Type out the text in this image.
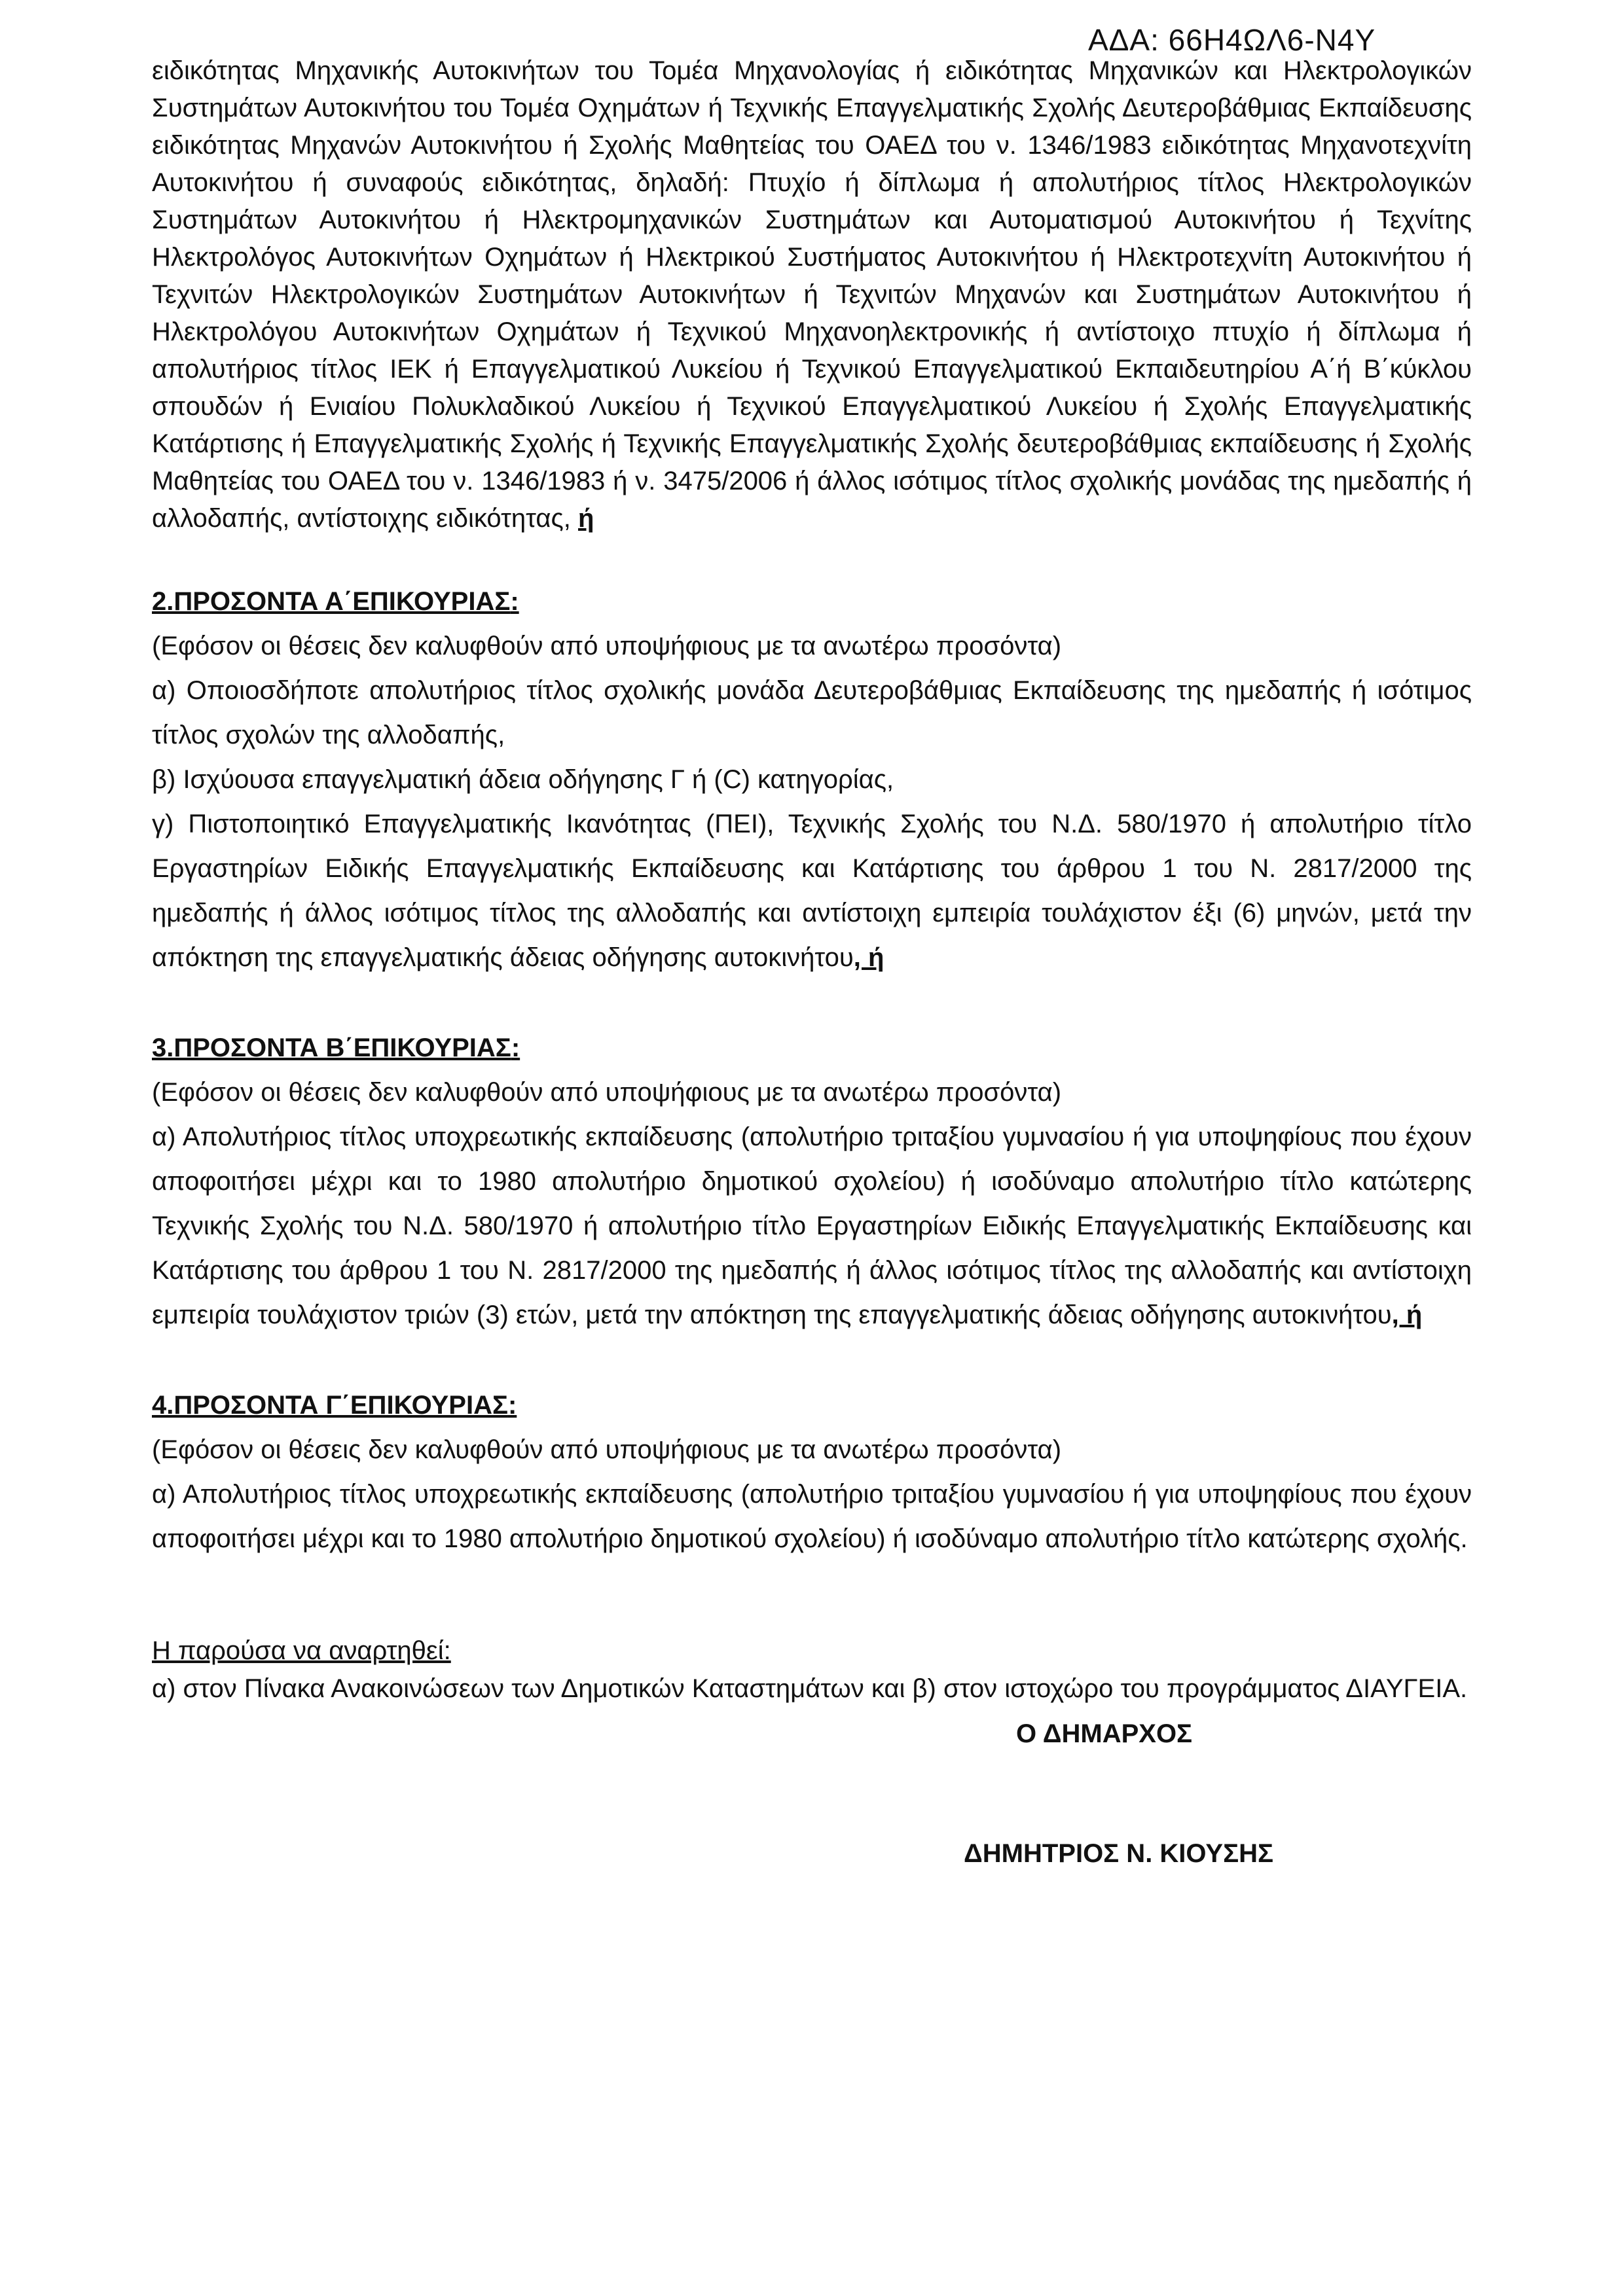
ΑΔΑ: 66Η4ΩΛ6-Ν4Υ

ειδικότητας Μηχανικής Αυτοκινήτων του Τομέα Μηχανολογίας ή ειδικότητας Μηχανικών και Ηλεκτρολογικών Συστημάτων Αυτοκινήτου του Τομέα Οχημάτων ή Τεχνικής Επαγγελματικής Σχολής Δευτεροβάθμιας Εκπαίδευσης ειδικότητας Μηχανών Αυτοκινήτου ή Σχολής Μαθητείας του ΟΑΕΔ του ν. 1346/1983 ειδικότητας Μηχανοτεχνίτη Αυτοκινήτου ή συναφούς ειδικότητας, δηλαδή: Πτυχίο ή δίπλωμα ή απολυτήριος τίτλος Ηλεκτρολογικών Συστημάτων Αυτοκινήτου ή Ηλεκτρομηχανικών Συστημάτων και Αυτοματισμού Αυτοκινήτου ή Τεχνίτης Ηλεκτρολόγος Αυτοκινήτων Οχημάτων ή Ηλεκτρικού Συστήματος Αυτοκινήτου ή Ηλεκτροτεχνίτη Αυτοκινήτου ή Τεχνιτών Ηλεκτρολογικών Συστημάτων Αυτοκινήτων ή Τεχνιτών Μηχανών και Συστημάτων Αυτοκινήτου ή Ηλεκτρολόγου Αυτοκινήτων Οχημάτων ή Τεχνικού Μηχανοηλεκτρονικής ή αντίστοιχο πτυχίο ή δίπλωμα ή απολυτήριος τίτλος ΙΕΚ ή Επαγγελματικού Λυκείου ή Τεχνικού Επαγγελματικού Εκπαιδευτηρίου Α΄ή Β΄κύκλου σπουδών ή Ενιαίου Πολυκλαδικού Λυκείου ή Τεχνικού Επαγγελματικού Λυκείου ή Σχολής Επαγγελματικής Κατάρτισης ή Επαγγελματικής Σχολής ή Τεχνικής Επαγγελματικής Σχολής δευτεροβάθμιας εκπαίδευσης ή Σχολής Μαθητείας του ΟΑΕΔ του ν. 1346/1983 ή ν. 3475/2006 ή άλλος ισότιμος τίτλος σχολικής μονάδας της ημεδαπής ή αλλοδαπής, αντίστοιχης ειδικότητας, ή

2.ΠΡΟΣΟΝΤΑ Α΄ΕΠΙΚΟΥΡΙΑΣ:

(Εφόσον οι θέσεις δεν καλυφθούν από υποψήφιους με τα ανωτέρω προσόντα)

α) Οποιοσδήποτε απολυτήριος τίτλος σχολικής μονάδα Δευτεροβάθμιας Εκπαίδευσης της ημεδαπής ή ισότιμος τίτλος σχολών της αλλοδαπής,

β) Ισχύουσα επαγγελματική άδεια οδήγησης Γ ή (C) κατηγορίας,

γ) Πιστοποιητικό Επαγγελματικής Ικανότητας (ΠΕΙ), Τεχνικής Σχολής του Ν.Δ. 580/1970 ή απολυτήριο τίτλο Εργαστηρίων Ειδικής Επαγγελματικής Εκπαίδευσης και Κατάρτισης του άρθρου 1 του Ν. 2817/2000 της ημεδαπής ή άλλος ισότιμος τίτλος της αλλοδαπής και αντίστοιχη εμπειρία τουλάχιστον έξι (6) μηνών, μετά την απόκτηση της επαγγελματικής άδειας οδήγησης αυτοκινήτου, ή

3.ΠΡΟΣΟΝΤΑ Β΄ΕΠΙΚΟΥΡΙΑΣ:

(Εφόσον οι θέσεις δεν καλυφθούν από υποψήφιους με τα ανωτέρω προσόντα)

α) Απολυτήριος τίτλος υποχρεωτικής εκπαίδευσης (απολυτήριο τριταξίου γυμνασίου ή για υποψηφίους που έχουν αποφοιτήσει μέχρι και το 1980 απολυτήριο δημοτικού σχολείου) ή ισοδύναμο απολυτήριο τίτλο κατώτερης Τεχνικής Σχολής του Ν.Δ. 580/1970 ή απολυτήριο τίτλο Εργαστηρίων Ειδικής Επαγγελματικής Εκπαίδευσης και Κατάρτισης του άρθρου 1 του Ν. 2817/2000 της ημεδαπής ή άλλος ισότιμος τίτλος της αλλοδαπής και αντίστοιχη εμπειρία τουλάχιστον τριών (3) ετών, μετά την απόκτηση της επαγγελματικής άδειας οδήγησης αυτοκινήτου, ή

4.ΠΡΟΣΟΝΤΑ Γ΄ΕΠΙΚΟΥΡΙΑΣ:

(Εφόσον οι θέσεις δεν καλυφθούν από υποψήφιους με τα ανωτέρω προσόντα)

α) Απολυτήριος τίτλος υποχρεωτικής εκπαίδευσης (απολυτήριο τριταξίου γυμνασίου ή για υποψηφίους που έχουν αποφοιτήσει μέχρι και το 1980 απολυτήριο δημοτικού σχολείου) ή ισοδύναμο απολυτήριο τίτλο κατώτερης σχολής.

Η παρούσα να αναρτηθεί:

α) στον Πίνακα Ανακοινώσεων των Δημοτικών Καταστημάτων και β) στον ιστοχώρο του προγράμματος ΔΙΑΥΓΕΙΑ.

Ο ΔΗΜΑΡΧΟΣ

ΔΗΜΗΤΡΙΟΣ Ν. ΚΙΟΥΣΗΣ
